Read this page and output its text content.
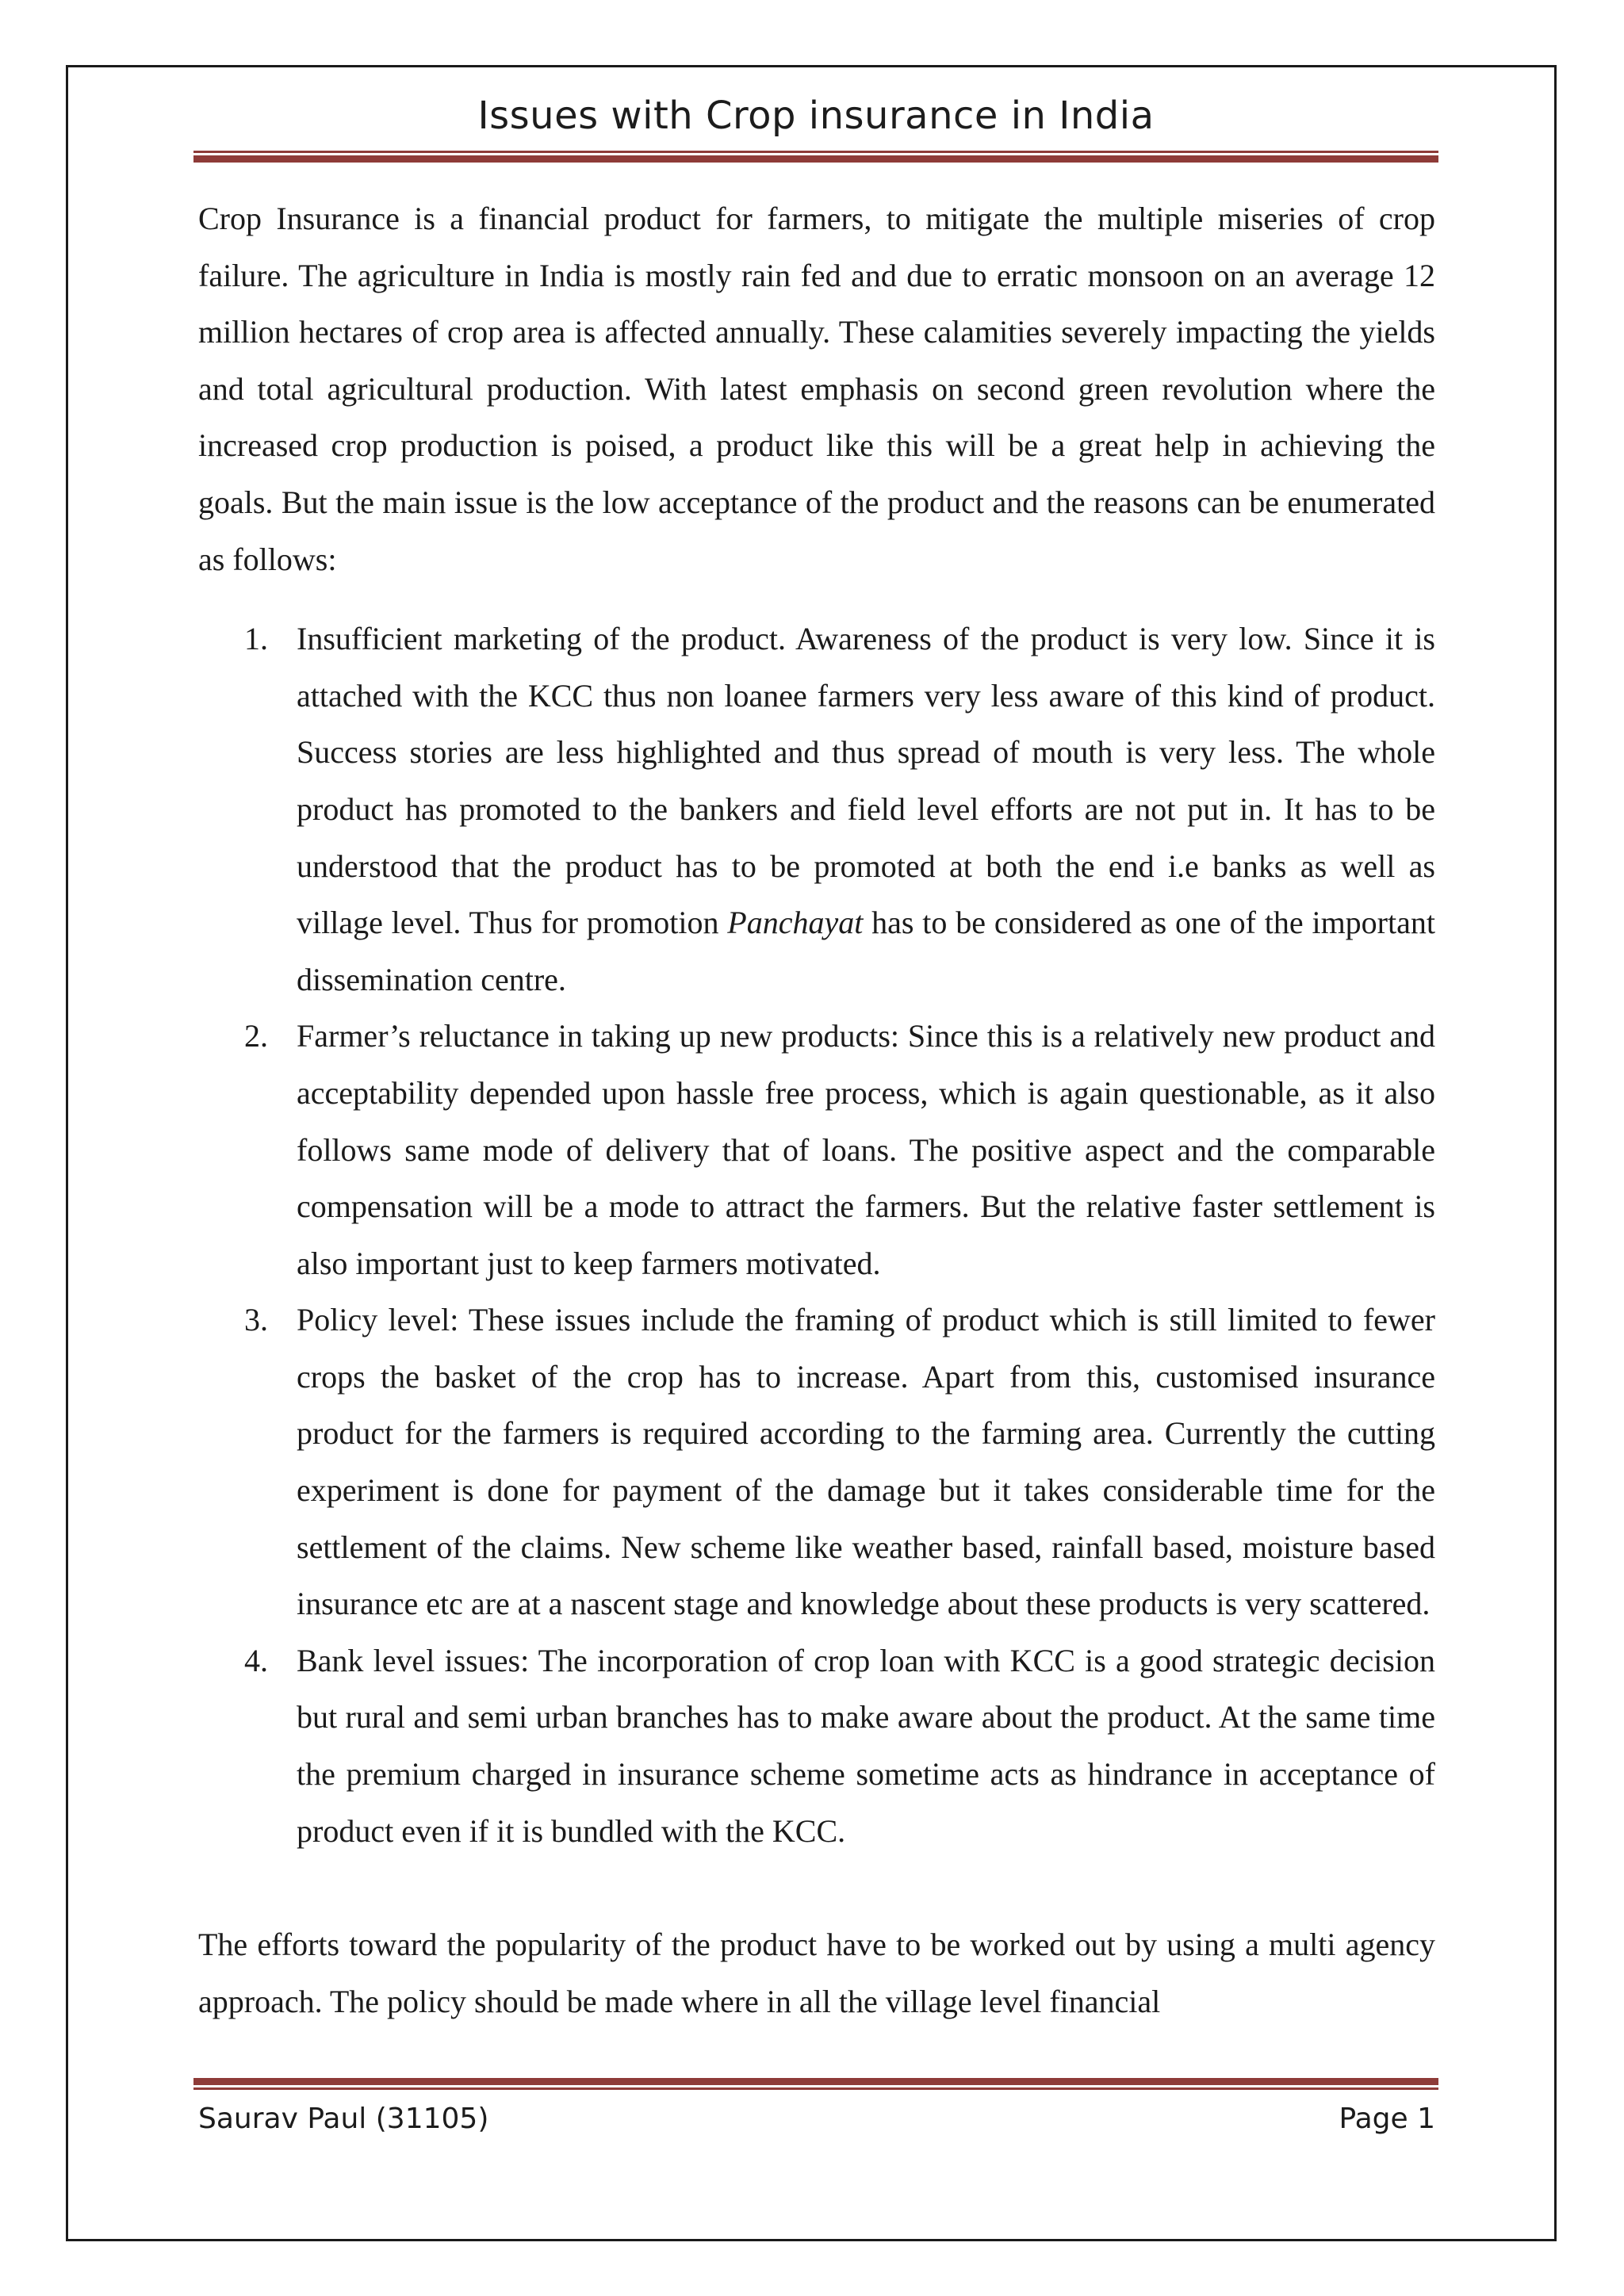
Issues with Crop insurance in India

Crop Insurance is a financial product for farmers, to mitigate the multiple miseries of crop failure. The agriculture in India is mostly rain fed and due to erratic monsoon on an average 12 million hectares of crop area is affected annually. These calamities severely impacting the yields and total agricultural production. With latest emphasis on second green revolution where the increased crop production is poised, a product like this will be a great help in achieving the goals. But the main issue is the low acceptance of the product and the reasons can be enumerated as follows:

1. Insufficient marketing of the product. Awareness of the product is very low. Since it is attached with the KCC thus non loanee farmers very less aware of this kind of product. Success stories are less highlighted and thus spread of mouth is very less. The whole product has promoted to the bankers and field level efforts are not put in. It has to be understood that the product has to be promoted at both the end i.e banks as well as village level. Thus for promotion Panchayat has to be considered as one of the important dissemination centre.
2. Farmer’s reluctance in taking up new products: Since this is a relatively new product and acceptability depended upon hassle free process, which is again questionable, as it also follows same mode of delivery that of loans. The positive aspect and the comparable compensation will be a mode to attract the farmers. But the relative faster settlement is also important just to keep farmers motivated.
3. Policy level: These issues include the framing of product which is still limited to fewer crops the basket of the crop has to increase. Apart from this, customised insurance product for the farmers is required according to the farming area. Currently the cutting experiment is done for payment of the damage but it takes considerable time for the settlement of the claims. New scheme like weather based, rainfall based, moisture based insurance etc are at a nascent stage and knowledge about these products is very scattered.
4. Bank level issues: The incorporation of crop loan with KCC is a good strategic decision but rural and semi urban branches has to make aware about the product. At the same time the premium charged in insurance scheme sometime acts as hindrance in acceptance of product even if it is bundled with the KCC.

The efforts toward the popularity of the product have to be worked out by using a multi agency approach. The policy should be made where in all the village level financial

Saurav Paul (31105)	Page 1
